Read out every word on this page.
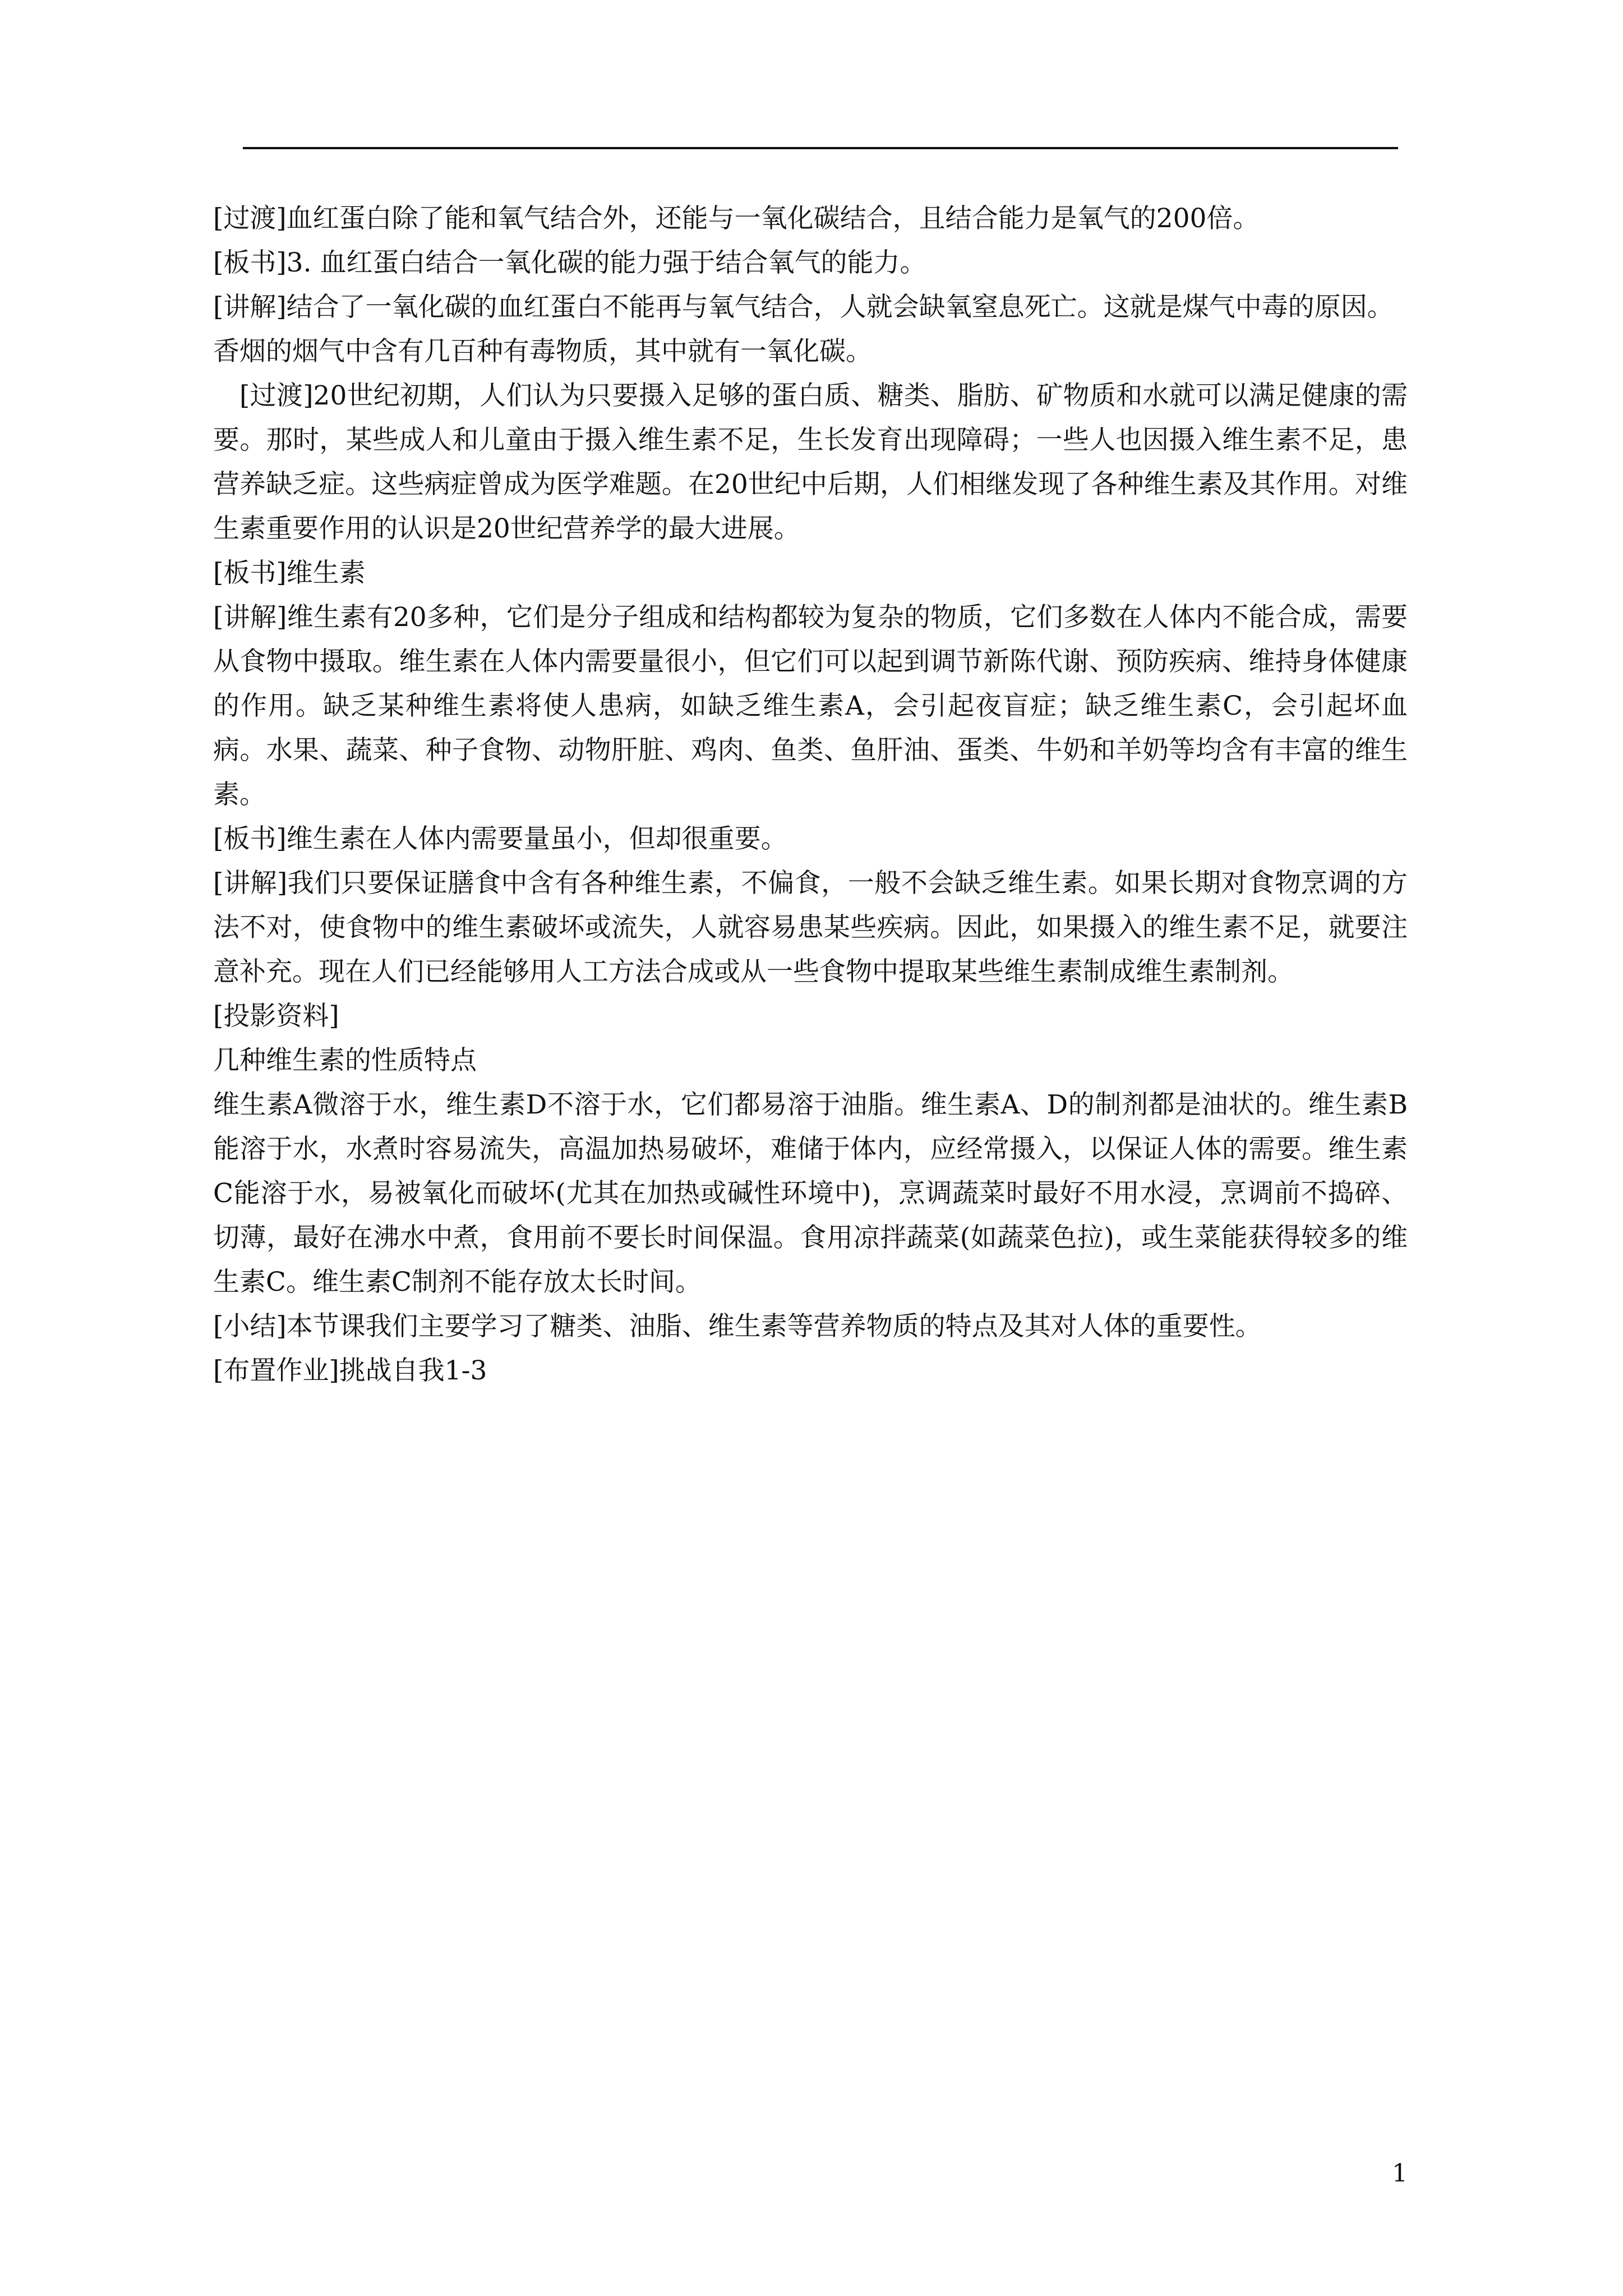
[过渡]血红蛋白除了能和氧气结合外，还能与一氧化碳结合，且结合能力是氧气的200倍。

[板书]3. 血红蛋白结合一氧化碳的能力强于结合氧气的能力。

[讲解]结合了一氧化碳的血红蛋白不能再与氧气结合，人就会缺氧窒息死亡。这就是煤气中毒的原因。

香烟的烟气中含有几百种有毒物质，其中就有一氧化碳。

[过渡]20世纪初期，人们认为只要摄入足够的蛋白质、糖类、脂肪、矿物质和水就可以满足健康的需要。那时，某些成人和儿童由于摄入维生素不足，生长发育出现障碍；一些人也因摄入维生素不足，患营养缺乏症。这些病症曾成为医学难题。在20世纪中后期，人们相继发现了各种维生素及其作用。对维生素重要作用的认识是20世纪营养学的最大进展。

[板书]维生素

[讲解]维生素有20多种，它们是分子组成和结构都较为复杂的物质，它们多数在人体内不能合成，需要从食物中摄取。维生素在人体内需要量很小，但它们可以起到调节新陈代谢、预防疾病、维持身体健康的作用。缺乏某种维生素将使人患病，如缺乏维生素A，会引起夜盲症；缺乏维生素C，会引起坏血病。水果、蔬菜、种子食物、动物肝脏、鸡肉、鱼类、鱼肝油、蛋类、牛奶和羊奶等均含有丰富的维生素。

[板书]维生素在人体内需要量虽小，但却很重要。

[讲解]我们只要保证膳食中含有各种维生素，不偏食，一般不会缺乏维生素。如果长期对食物烹调的方法不对，使食物中的维生素破坏或流失，人就容易患某些疾病。因此，如果摄入的维生素不足，就要注意补充。现在人们已经能够用人工方法合成或从一些食物中提取某些维生素制成维生素制剂。

[投影资料]

几种维生素的性质特点

维生素A微溶于水，维生素D不溶于水，它们都易溶于油脂。维生素A、D的制剂都是油状的。维生素B能溶于水，水煮时容易流失，高温加热易破坏，难储于体内，应经常摄入，以保证人体的需要。维生素C能溶于水，易被氧化而破坏(尤其在加热或碱性环境中)，烹调蔬菜时最好不用水浸，烹调前不捣碎、切薄，最好在沸水中煮，食用前不要长时间保温。食用凉拌蔬菜(如蔬菜色拉)，或生菜能获得较多的维生素C。维生素C制剂不能存放太长时间。

[小结]本节课我们主要学习了糖类、油脂、维生素等营养物质的特点及其对人体的重要性。

[布置作业]挑战自我1-3

1
